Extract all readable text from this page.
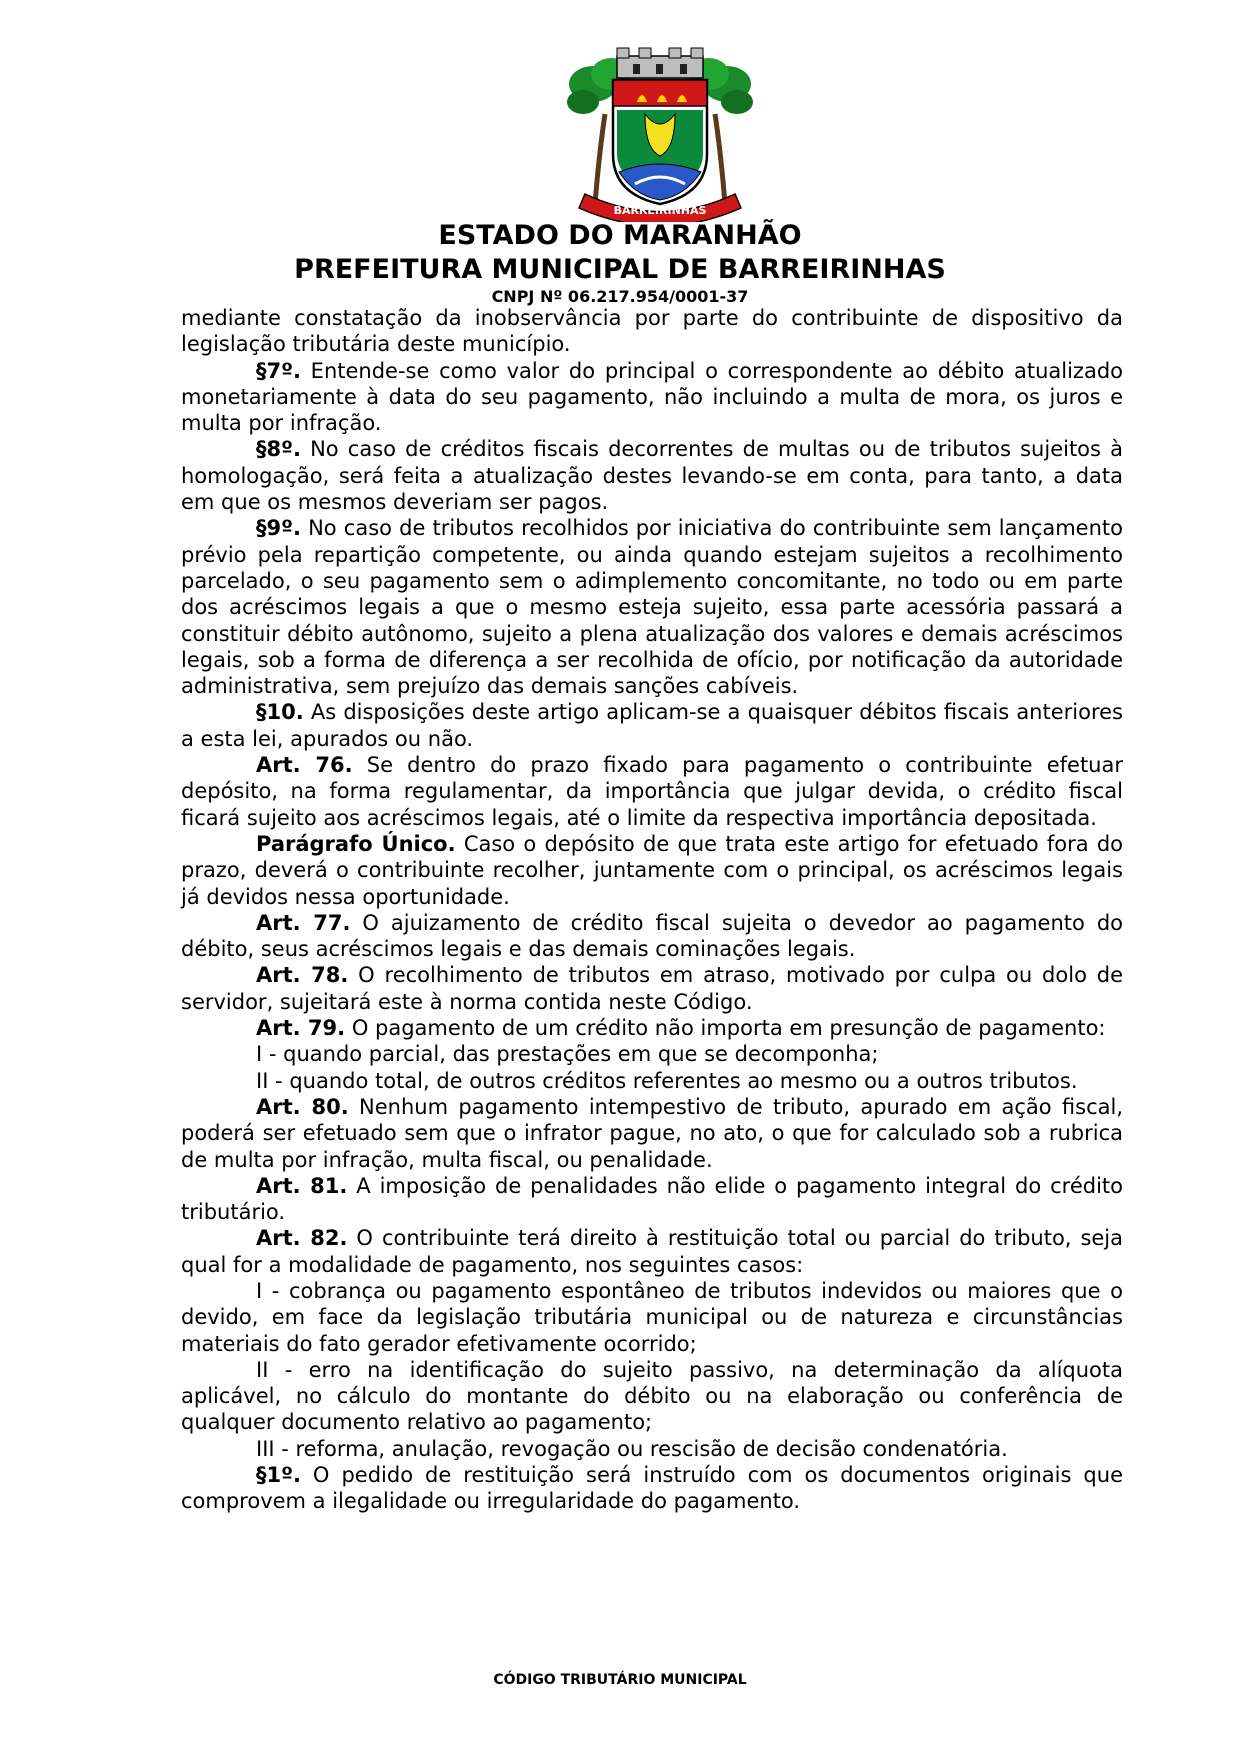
BARREIRINHAS
ESTADO DO MARANHÃO
PREFEITURA MUNICIPAL DE BARREIRINHAS
CNPJ Nº 06.217.954/0001-37

mediante constatação da inobservância por parte do contribuinte de dispositivo da legislação tributária deste município.

§7º. Entende-se como valor do principal o correspondente ao débito atualizado monetariamente à data do seu pagamento, não incluindo a multa de mora, os juros e multa por infração.

§8º. No caso de créditos fiscais decorrentes de multas ou de tributos sujeitos à homologação, será feita a atualização destes levando-se em conta, para tanto, a data em que os mesmos deveriam ser pagos.

§9º. No caso de tributos recolhidos por iniciativa do contribuinte sem lançamento prévio pela repartição competente, ou ainda quando estejam sujeitos a recolhimento parcelado, o seu pagamento sem o adimplemento concomitante, no todo ou em parte dos acréscimos legais a que o mesmo esteja sujeito, essa parte acessória passará a constituir débito autônomo, sujeito a plena atualização dos valores e demais acréscimos legais, sob a forma de diferença a ser recolhida de ofício, por notificação da autoridade administrativa, sem prejuízo das demais sanções cabíveis.

§10. As disposições deste artigo aplicam-se a quaisquer débitos fiscais anteriores a esta lei, apurados ou não.

Art. 76. Se dentro do prazo fixado para pagamento o contribuinte efetuar depósito, na forma regulamentar, da importância que julgar devida, o crédito fiscal ficará sujeito aos acréscimos legais, até o limite da respectiva importância depositada.

Parágrafo Único. Caso o depósito de que trata este artigo for efetuado fora do prazo, deverá o contribuinte recolher, juntamente com o principal, os acréscimos legais já devidos nessa oportunidade.

Art. 77. O ajuizamento de crédito fiscal sujeita o devedor ao pagamento do débito, seus acréscimos legais e das demais cominações legais.

Art. 78. O recolhimento de tributos em atraso, motivado por culpa ou dolo de servidor, sujeitará este à norma contida neste Código.

Art. 79. O pagamento de um crédito não importa em presunção de pagamento:

I - quando parcial, das prestações em que se decomponha;

II - quando total, de outros créditos referentes ao mesmo ou a outros tributos.

Art. 80. Nenhum pagamento intempestivo de tributo, apurado em ação fiscal, poderá ser efetuado sem que o infrator pague, no ato, o que for calculado sob a rubrica de multa por infração, multa fiscal, ou penalidade.

Art. 81. A imposição de penalidades não elide o pagamento integral do crédito tributário.

Art. 82. O contribuinte terá direito à restituição total ou parcial do tributo, seja qual for a modalidade de pagamento, nos seguintes casos:

I - cobrança ou pagamento espontâneo de tributos indevidos ou maiores que o devido, em face da legislação tributária municipal ou de natureza e circunstâncias materiais do fato gerador efetivamente ocorrido;

II - erro na identificação do sujeito passivo, na determinação da alíquota aplicável, no cálculo do montante do débito ou na elaboração ou conferência de qualquer documento relativo ao pagamento;

III - reforma, anulação, revogação ou rescisão de decisão condenatória.

§1º. O pedido de restituição será instruído com os documentos originais que comprovem a ilegalidade ou irregularidade do pagamento.

CÓDIGO TRIBUTÁRIO MUNICIPAL
